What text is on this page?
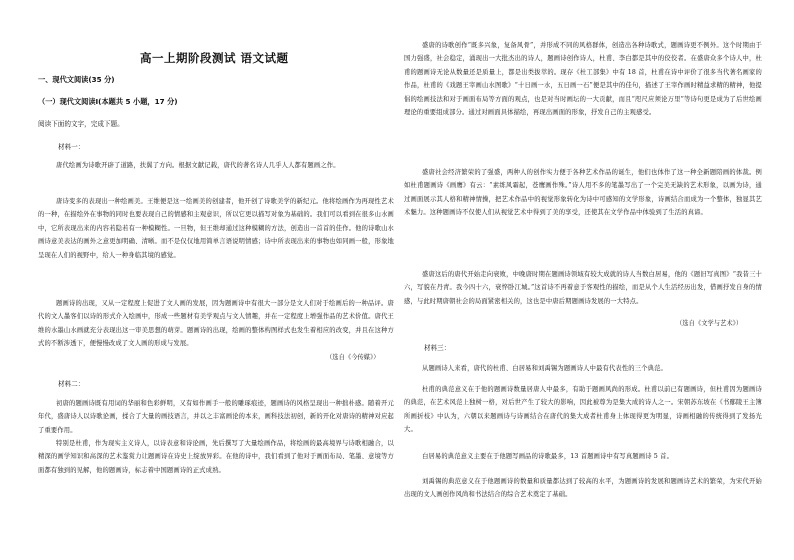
高一上期阶段测试 语文试题
一、现代文阅读(35 分)
（一）现代文阅读I(本题共 5 小题，17 分)
阅读下面的文字，完成下题。
材料一：
唐代绘画为诗歌开辟了道路，扶翼了方向。根据文献记载，唐代的著名诗人几乎人人都有题画之作。
唐诗变多的表现出一种绘画美。王维便是这一绘画美的创建者，他开创了诗歌美学的新纪元。他将绘画作为再现性艺术的一种，在描绘外在事物的同时也要表现自己的情感和主观意识，所以它更以描写对象为基础的。我们可以看到在很多山水画中，它所表现出来的内容若隐若有一种模糊性。一旦物，但王维却通过这种模糊的方法，创造出一首首的佳作。他的诗歌山水画诗意美表达的画外之意更加明确、清晰。而不是仅仅地用简单言语说明情感；诗中所表现出来的事物也如同画一般，形象地呈现在人们的视野中，给人一种身临其境的感觉。
题画诗的出现，又从一定程度上促进了文人画的发展，因为题画诗中有很大一部分是文人们对于绘画后的一种品评。唐代的文人墨客们以诗的形式介入绘画中，形成一些题材有美学观点与文人情趣，并在一定程度上增强作品的艺术价值。唐代王维的水墨山水画就充分表现出这一审美思想的萌芽。题画诗的出现，绘画的整体构图样式也发生着相应的改变，并且在这种方式的不断涉透下，便慢慢改成了文人画的形成与发展。
（选自《今传媒》）
材料二：
初唐的题画诗既有用词的华丽和色彩鲜明，又有如作画手一般的雕琢痕迹，题画诗的风格呈现出一种拙朴感。随着开元年代，盛唐诗人以诗歌论画，揉合了大量的画技语言，并以之丰富画论的本来，画科技法初创，新的开化对唐诗的精神对应起了重要作用。
特别是杜甫，作为现实主义诗人，以诗表意和诗论画，先后撰写了大量绘画作品，将绘画的最高境界与诗歌相融合，以精深的画学知识和高深的艺术鉴赏力让题画诗在诗史上绽放异彩。在他的诗中，我们看到了他对于画面布局、笔墨、意境等方面都有独到的见解，他的题画诗，标志着中国题画诗的正式成熟。
盛唐的诗歌创作“既多兴象，复备风骨”，并形成不同的风格群体，创造出各种诗歌式，题画诗更不例外。这个时期由于国力强盛，社会稳定，涌现出一大批杰出的诗人，题画诗创作诗人，杜甫、李白都是其中的佼佼者。在盛唐众多个诗人中，杜甫的题画诗无论从数量还是质量上，都是出类拔萃的。现存《杜工部集》中有 18 首，杜甫在诗中评价了很多当代著名画家的作品，杜甫的《戏题王宰画山水图歌》“十日画一水，五日画一石”便是其中的佳句，描述了王宰作画时精益求精的精神，他提倡的绘画技法和对于画面布局等方面的观点，也是对当时画坛的一大贡献，而且“咫尺应须论万里”等诗句更是成为了后世绘画理论的重要组成部分。通过对画面具体描绘，再现出画面的形象，抒发自己的主观感受。
盛唐社会经济繁荣的了强盛，两种人的创作实力便于各种艺术作品的诞生，他们也体作了这一种全新题陪画的体裁。例如杜甫题画诗《画鹰》有云：“素练风霜起，苍鹰画作殊。”诗人用不多的笔墨写出了一个完美无缺的艺术形象，以画为诗，通过画面展示其人格和精神情操，把艺术作品中的视觉形象转化为诗中可感知的文学形象，诗画结合而成为一个整体，独显其艺术魅力。这种题画诗不仅使人们从视觉艺术中得到了美的享受，还使其在文学作品中体验到了生活的真谛。
盛唐这后的唐代开始走向衰败，中晚唐时期在题画诗领域有较大成就的诗人当数白居易，他的《题旧写真图》“我昔三十六，写貌在丹青。我今四十六，衰悴卧江城。”这首诗不再着意于客观性的描绘，而是从个人生活经历出发，借画抒发自身的情感，与此时期唐朝社会的局面紧密相关的，这也是中唐后期题画诗发展的一大特点。
（选自《文学与艺术》）
材料三：
从题画诗人来看，唐代的杜甫、白居易和刘禹锡为题画诗人中最有代表性的三个典范。
杜甫的典范意义在于他的题画诗数量居唐人中最多，有助于题画风尚的形成。杜甫以前已有题画诗，但杜甫因为题画诗的典范，在艺术风范上独树一格，对后世产生了较大的影响，因此被尊为是集大成的诗人之一。宋朝苏东坡在《书鄢陵王主簿所画折枝》中认为，六朝以来题画诗与诗画结合在唐代的集大成者杜甫身上体现得更为明显，诗画相融的传统得到了发扬光大。
白居易的典范意义主要在于他题写画品的诗歌最多，13 首题画诗中有写真题画诗 5 首。
刘禹锡的典范意义在于他题画诗的数量和质量都达到了较高的水平，为题画诗的发展和题画诗艺术的繁荣，为宋代开始出现的文人画创作风尚和书法结合的综合艺术奠定了基础。
